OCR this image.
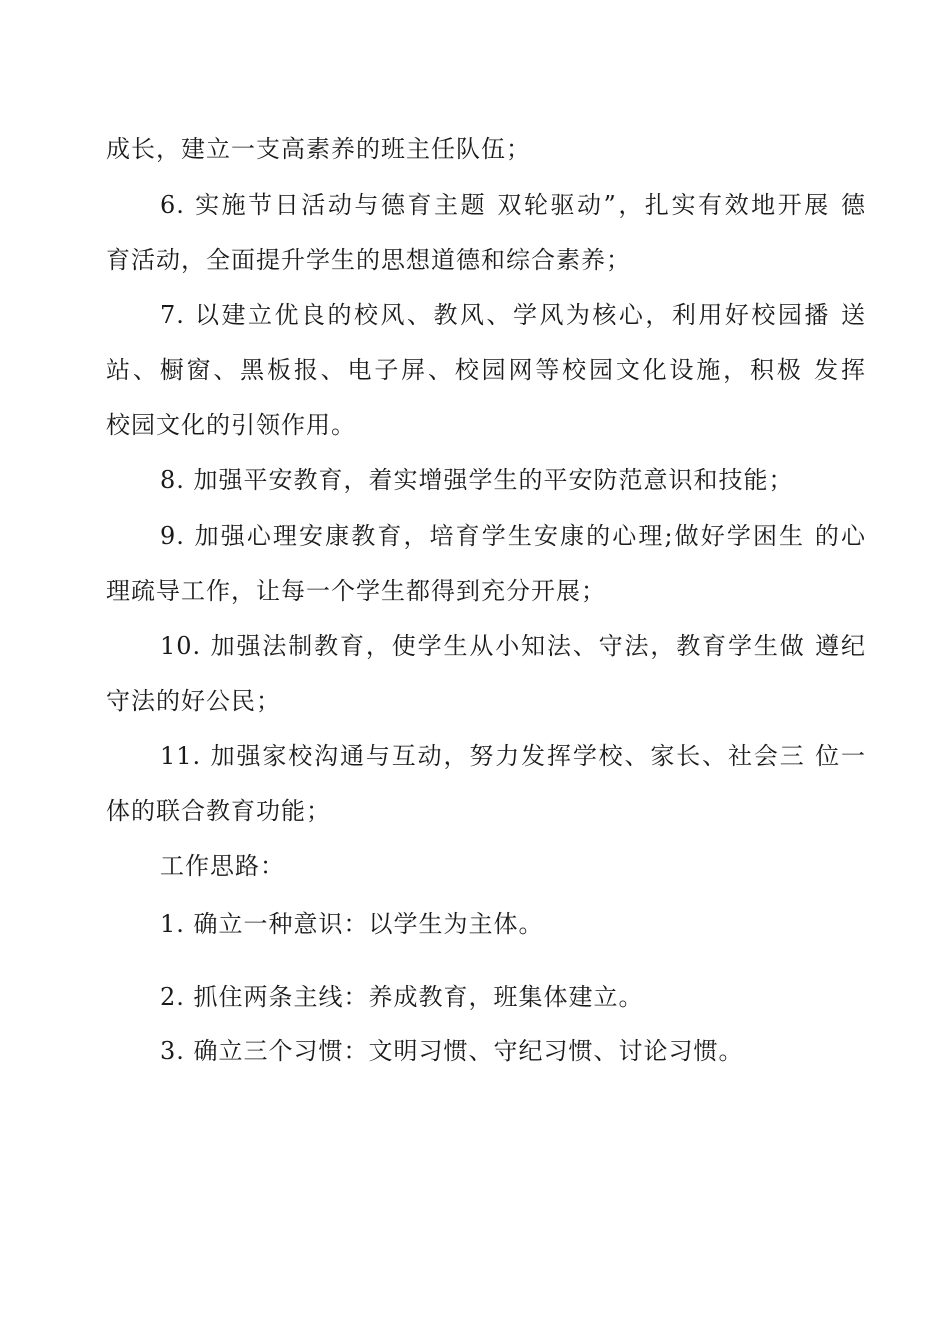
成长，建立一支高素养的班主任队伍；
6. 实施节日活动与德育主题 双轮驱动”，扎实有效地开展 德
育活动，全面提升学生的思想道德和综合素养；
7. 以建立优良的校风、教风、学风为核心，利用好校园播 送
站、橱窗、黑板报、电子屏、校园网等校园文化设施，积极 发挥
校园文化的引领作用。
8. 加强平安教育，着实增强学生的平安防范意识和技能；
9. 加强心理安康教育，培育学生安康的心理;做好学困生 的心
理疏导工作，让每一个学生都得到充分开展；
10. 加强法制教育，使学生从小知法、守法，教育学生做 遵纪
守法的好公民；
11. 加强家校沟通与互动，努力发挥学校、家长、社会三 位一
体的联合教育功能；
工作思路：
1. 确立一种意识：以学生为主体。
2. 抓住两条主线：养成教育，班集体建立。
3. 确立三个习惯：文明习惯、守纪习惯、讨论习惯。
